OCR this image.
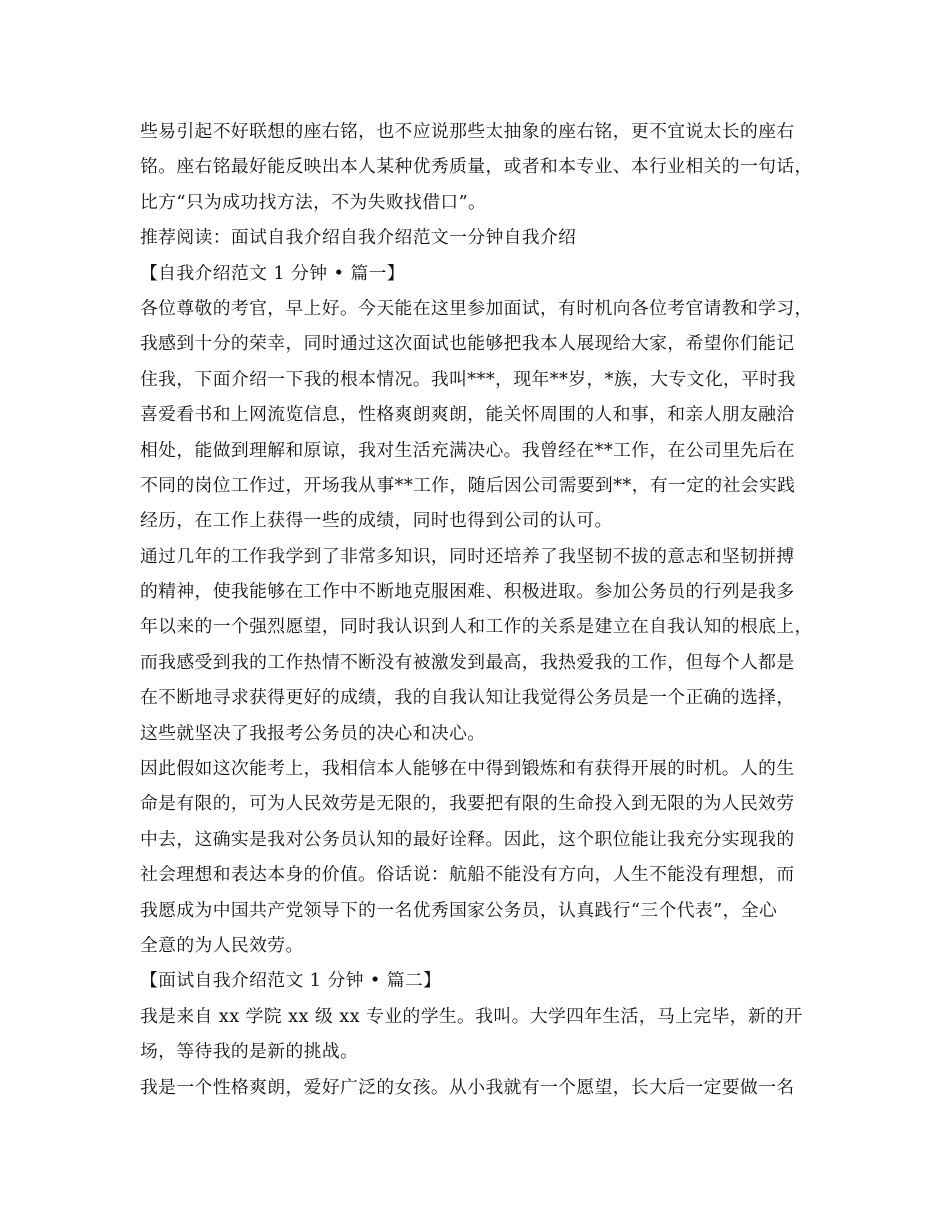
些易引起不好联想的座右铭，也不应说那些太抽象的座右铭，更不宜说太长的座右
铭。座右铭最好能反映出本人某种优秀质量，或者和本专业、本行业相关的一句话，
比方“只为成功找方法，不为失败找借口”。
推荐阅读：面试自我介绍自我介绍范文一分钟自我介绍
【自我介绍范文 1 分钟 • 篇一】
各位尊敬的考官，早上好。今天能在这里参加面试，有时机向各位考官请教和学习，
我感到十分的荣幸，同时通过这次面试也能够把我本人展现给大家，希望你们能记
住我，下面介绍一下我的根本情况。我叫***，现年**岁，*族，大专文化，平时我
喜爱看书和上网流览信息，性格爽朗爽朗，能关怀周围的人和事，和亲人朋友融洽
相处，能做到理解和原谅，我对生活充满决心。我曾经在**工作，在公司里先后在
不同的岗位工作过，开场我从事**工作，随后因公司需要到**，有一定的社会实践
经历，在工作上获得一些的成绩，同时也得到公司的认可。
通过几年的工作我学到了非常多知识，同时还培养了我坚韧不拔的意志和坚韧拼搏
的精神，使我能够在工作中不断地克服困难、积极进取。参加公务员的行列是我多
年以来的一个强烈愿望，同时我认识到人和工作的关系是建立在自我认知的根底上，
而我感受到我的工作热情不断没有被激发到最高，我热爱我的工作，但每个人都是
在不断地寻求获得更好的成绩，我的自我认知让我觉得公务员是一个正确的选择，
这些就坚决了我报考公务员的决心和决心。
因此假如这次能考上，我相信本人能够在中得到锻炼和有获得开展的时机。人的生
命是有限的，可为人民效劳是无限的，我要把有限的生命投入到无限的为人民效劳
中去，这确实是我对公务员认知的最好诠释。因此，这个职位能让我充分实现我的
社会理想和表达本身的价值。俗话说：航船不能没有方向，人生不能没有理想，而
我愿成为中国共产党领导下的一名优秀国家公务员，认真践行“三个代表”，全心
全意的为人民效劳。
【面试自我介绍范文 1 分钟 • 篇二】
我是来自 xx 学院 xx 级 xx 专业的学生。我叫。大学四年生活，马上完毕，新的开
场，等待我的是新的挑战。
我是一个性格爽朗，爱好广泛的女孩。从小我就有一个愿望，长大后一定要做一名
